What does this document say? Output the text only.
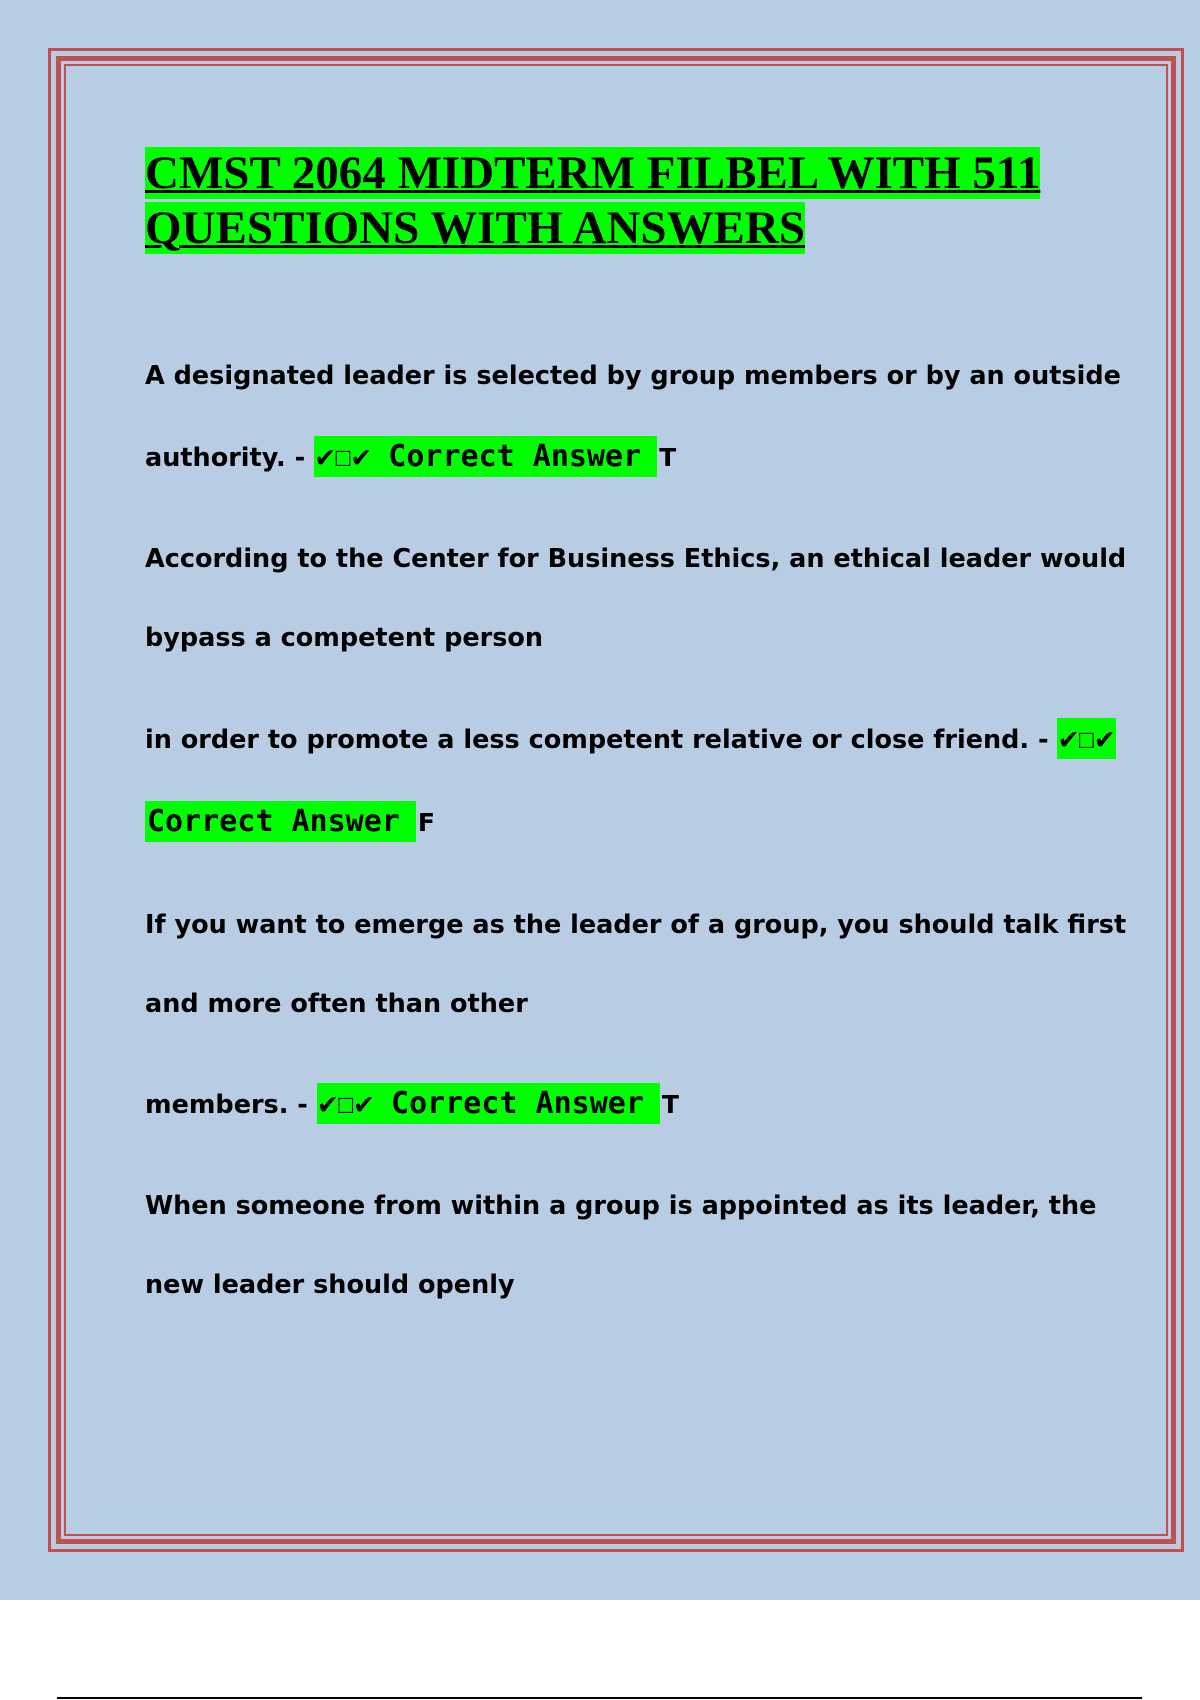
CMST 2064 MIDTERM FILBEL WITH 511
QUESTIONS WITH ANSWERS

A designated leader is selected by group members or by an outside

authority. - ✔☐✔ Correct Answer T

According to the Center for Business Ethics, an ethical leader would

bypass a competent person

in order to promote a less competent relative or close friend. - ✔☐✔

Correct Answer F

If you want to emerge as the leader of a group, you should talk first

and more often than other

members. - ✔☐✔ Correct Answer T

When someone from within a group is appointed as its leader, the

new leader should openly
